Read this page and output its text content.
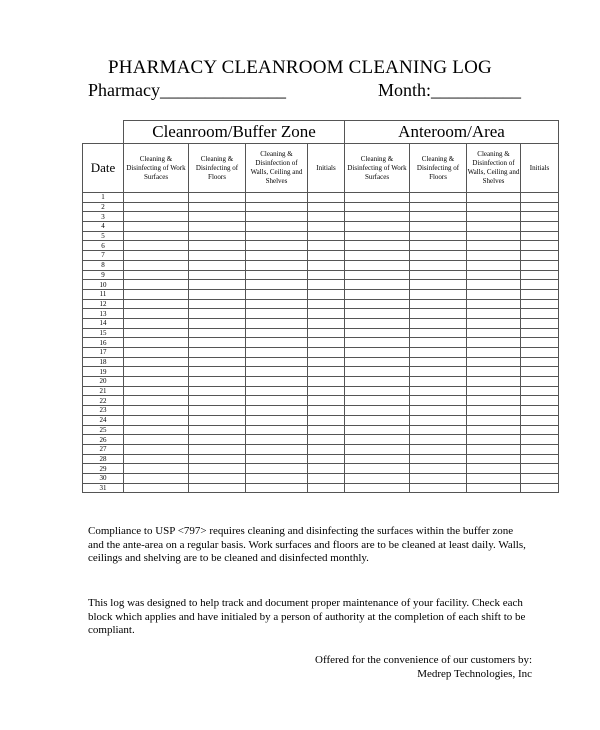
PHARMACY CLEANROOM CLEANING LOG
Pharmacy______________	Month:__________
	Cleanroom/Buffer Zone				Anteroom/Area			
Date	Cleaning & Disinfecting of Work Surfaces	Cleaning & Disinfecting of Floors	Cleaning & Disinfection of Walls, Ceiling and Shelves	Initials	Cleaning & Disinfecting of Work Surfaces	Cleaning & Disinfecting of Floors	Cleaning & Disinfection of Walls, Ceiling and Shelves	Initials
1								
2								
3								
4								
5								
6								
7								
8								
9								
10								
11								
12								
13								
14								
15								
16								
17								
18								
19								
20								
21								
22								
23								
24								
25								
26								
27								
28								
29								
30								
31								
Compliance to USP <797> requires cleaning and disinfecting the surfaces within the buffer zone and the ante-area on a regular basis. Work surfaces and floors are to be cleaned at least daily. Walls, ceilings and shelving are to be cleaned and disinfected monthly.
This log was designed to help track and document proper maintenance of your facility. Check each block which applies and have initialed by a person of authority at the completion of each shift to be compliant.
Offered for the convenience of our customers by:
Medrep Technologies, Inc
